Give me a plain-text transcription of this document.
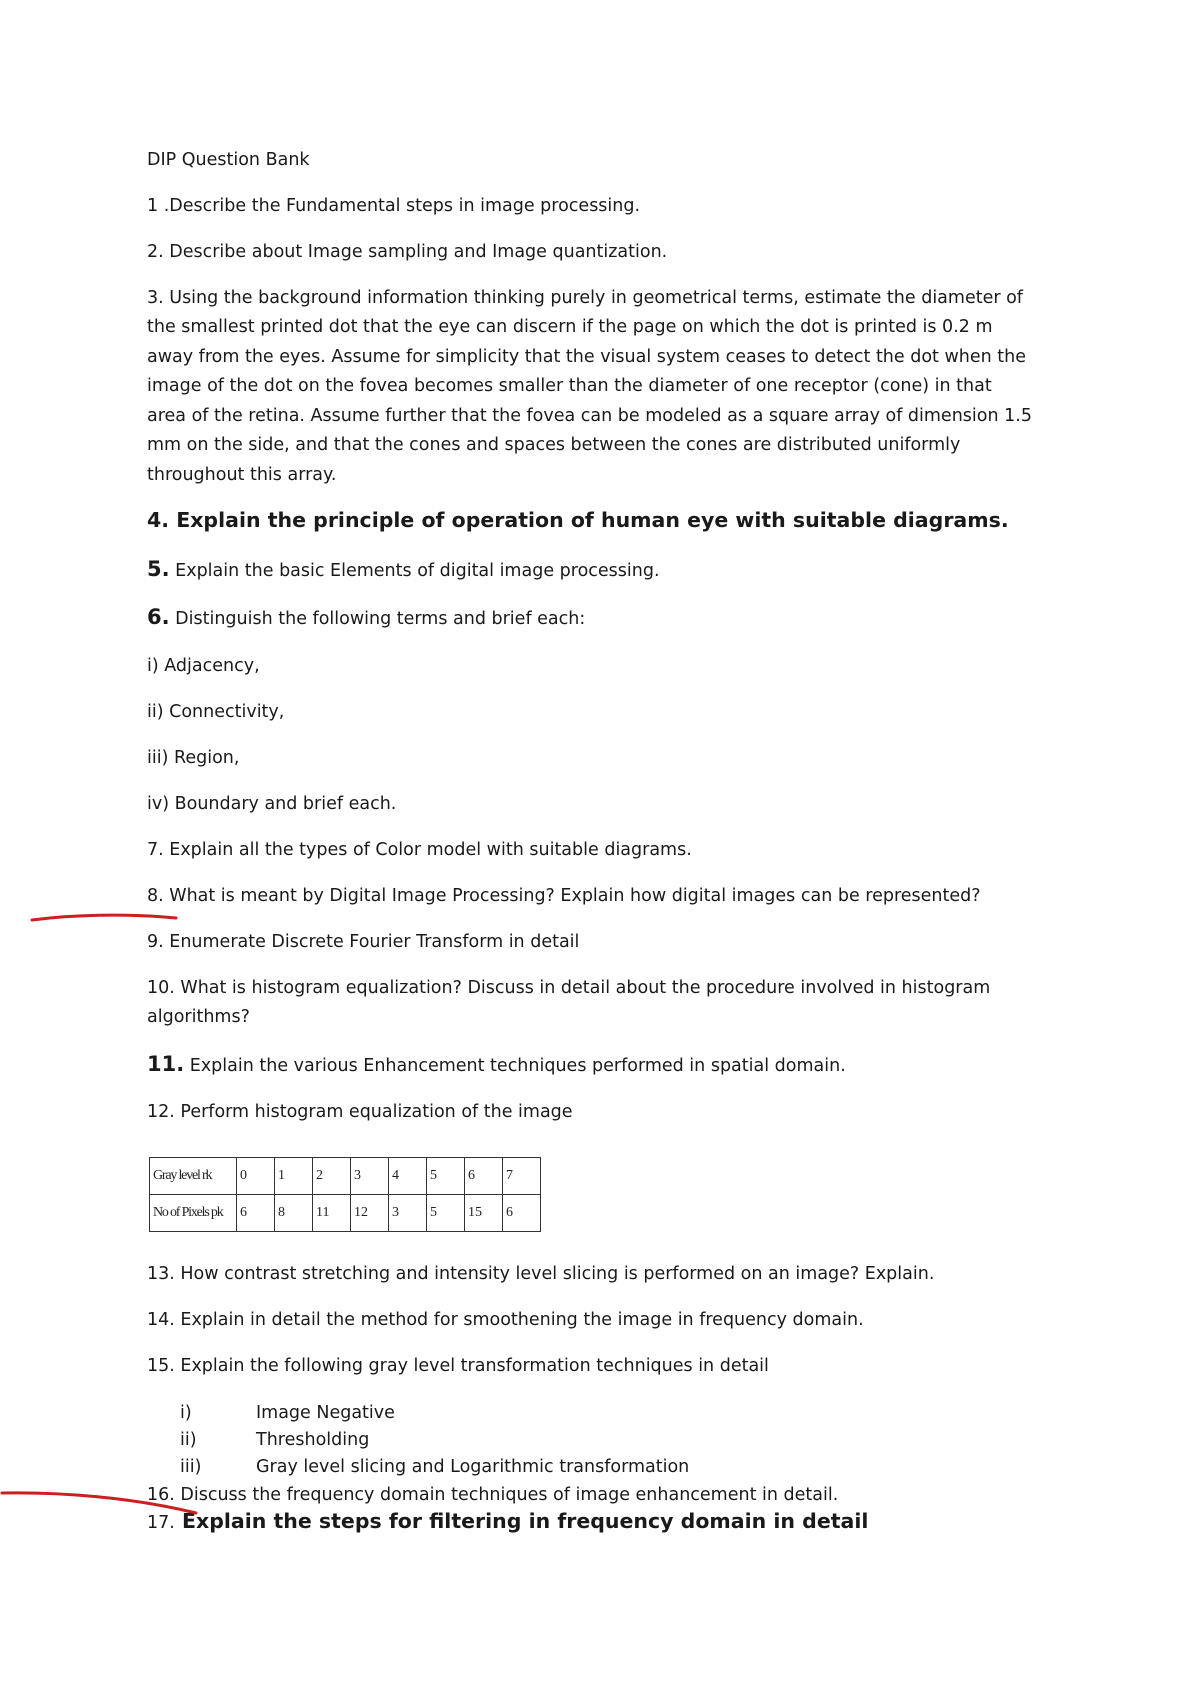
DIP Question Bank

1 .Describe the Fundamental steps in image processing.

2. Describe about Image sampling and Image quantization.

3. Using the background information thinking purely in geometrical terms, estimate the diameter of

the smallest printed dot that the eye can discern if the page on which the dot is printed is 0.2 m

away from the eyes. Assume for simplicity that the visual system ceases to detect the dot when the

image of the dot on the fovea becomes smaller than the diameter of one receptor (cone) in that

area of the retina. Assume further that the fovea can be modeled as a square array of dimension 1.5

mm on the side, and that the cones and spaces between the cones are distributed uniformly

throughout this array.

4. Explain the principle of operation of human eye with suitable diagrams.

5. Explain the basic Elements of digital image processing.

6. Distinguish the following terms and brief each:

i) Adjacency,

ii) Connectivity,

iii) Region,

iv) Boundary and brief each.

7. Explain all the types of Color model with suitable diagrams.

8. What is meant by Digital Image Processing? Explain how digital images can be represented?

9. Enumerate Discrete Fourier Transform in detail

10. What is histogram equalization? Discuss in detail about the procedure involved in histogram

algorithms?

11. Explain the various Enhancement techniques performed in spatial domain.

12. Perform histogram equalization of the image

Gray level rk	0	1	2	3	4	5	6	7
No of Pixels pk	6	8	11	12	3	5	15	6

13. How contrast stretching and intensity level slicing is performed on an image? Explain.

14. Explain in detail the method for smoothening the image in frequency domain.

15. Explain the following gray level transformation techniques in detail

i)	Image Negative
ii)	Thresholding
iii)	Gray level slicing and Logarithmic transformation

16. Discuss the frequency domain techniques of image enhancement in detail.

17. Explain the steps for filtering in frequency domain in detail
